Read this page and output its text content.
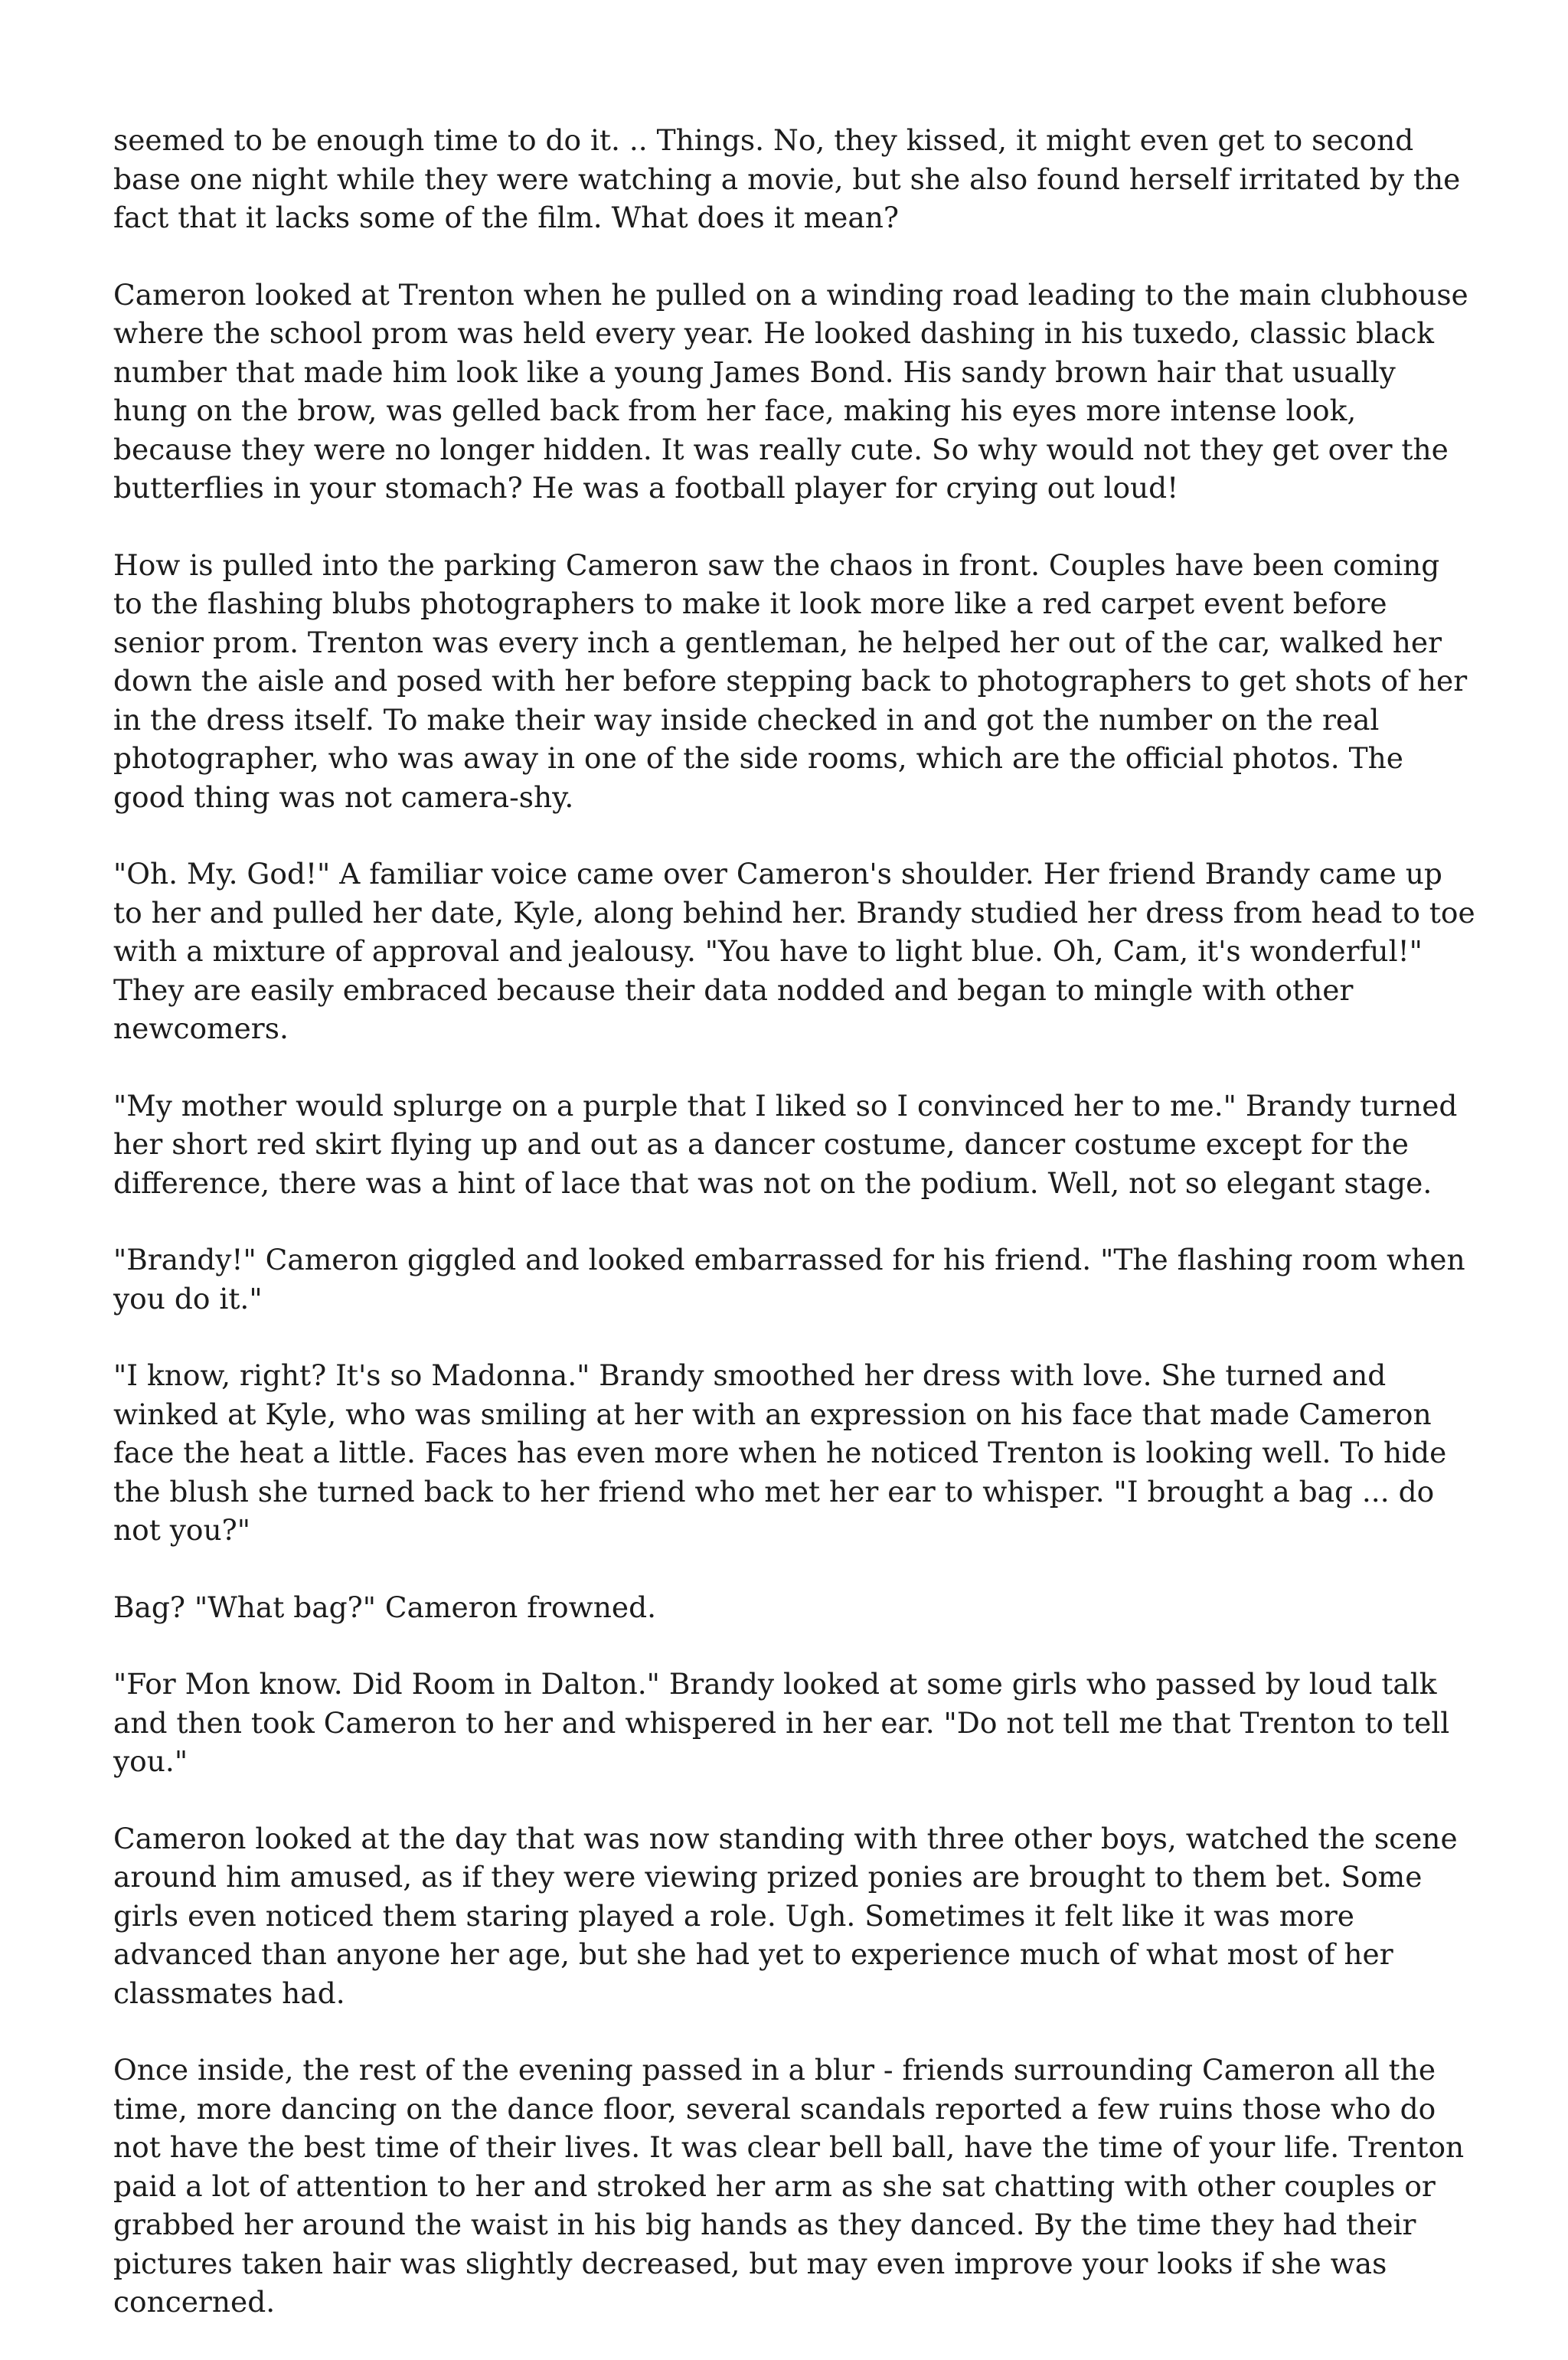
seemed to be enough time to do it. .. Things. No, they kissed, it might even get to second base one night while they were watching a movie, but she also found herself irritated by the fact that it lacks some of the film. What does it mean?

Cameron looked at Trenton when he pulled on a winding road leading to the main clubhouse where the school prom was held every year. He looked dashing in his tuxedo, classic black number that made him look like a young James Bond. His sandy brown hair that usually hung on the brow, was gelled back from her face, making his eyes more intense look, because they were no longer hidden. It was really cute. So why would not they get over the butterflies in your stomach? He was a football player for crying out loud!

How is pulled into the parking Cameron saw the chaos in front. Couples have been coming to the flashing blubs photographers to make it look more like a red carpet event before senior prom. Trenton was every inch a gentleman, he helped her out of the car, walked her down the aisle and posed with her before stepping back to photographers to get shots of her in the dress itself. To make their way inside checked in and got the number on the real photographer, who was away in one of the side rooms, which are the official photos. The good thing was not camera-shy.

"Oh. My. God!" A familiar voice came over Cameron's shoulder. Her friend Brandy came up to her and pulled her date, Kyle, along behind her. Brandy studied her dress from head to toe with a mixture of approval and jealousy. "You have to light blue. Oh, Cam, it's wonderful!" They are easily embraced because their data nodded and began to mingle with other newcomers.

"My mother would splurge on a purple that I liked so I convinced her to me." Brandy turned her short red skirt flying up and out as a dancer costume, dancer costume except for the difference, there was a hint of lace that was not on the podium. Well, not so elegant stage.

"Brandy!" Cameron giggled and looked embarrassed for his friend. "The flashing room when you do it."

"I know, right? It's so Madonna." Brandy smoothed her dress with love. She turned and winked at Kyle, who was smiling at her with an expression on his face that made Cameron face the heat a little. Faces has even more when he noticed Trenton is looking well. To hide the blush she turned back to her friend who met her ear to whisper. "I brought a bag ... do not you?"

Bag? "What bag?" Cameron frowned.

"For Mon know. Did Room in Dalton." Brandy looked at some girls who passed by loud talk and then took Cameron to her and whispered in her ear. "Do not tell me that Trenton to tell you."

Cameron looked at the day that was now standing with three other boys, watched the scene around him amused, as if they were viewing prized ponies are brought to them bet. Some girls even noticed them staring played a role. Ugh. Sometimes it felt like it was more advanced than anyone her age, but she had yet to experience much of what most of her classmates had.

Once inside, the rest of the evening passed in a blur - friends surrounding Cameron all the time, more dancing on the dance floor, several scandals reported a few ruins those who do not have the best time of their lives. It was clear bell ball, have the time of your life. Trenton paid a lot of attention to her and stroked her arm as she sat chatting with other couples or grabbed her around the waist in his big hands as they danced. By the time they had their pictures taken hair was slightly decreased, but may even improve your looks if she was concerned.
